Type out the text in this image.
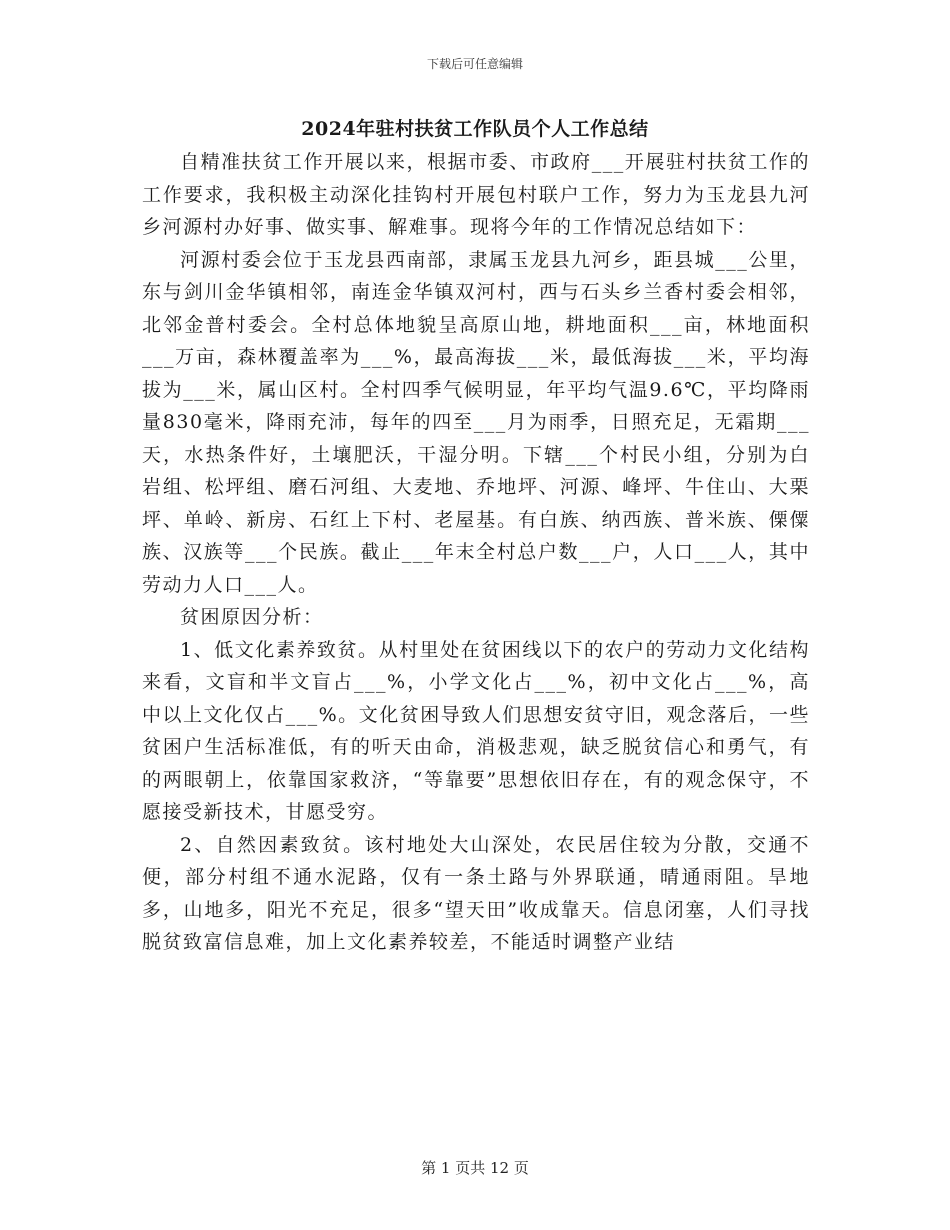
下载后可任意编辑
2024年驻村扶贫工作队员个人工作总结

自精准扶贫工作开展以来，根据市委、市政府___开展驻村扶贫工作的工作要求，我积极主动深化挂钩村开展包村联户工作，努力为玉龙县九河乡河源村办好事、做实事、解难事。现将今年的工作情况总结如下：

河源村委会位于玉龙县西南部，隶属玉龙县九河乡，距县城___公里，东与剑川金华镇相邻，南连金华镇双河村，西与石头乡兰香村委会相邻，北邻金普村委会。全村总体地貌呈高原山地，耕地面积___亩，林地面积___万亩，森林覆盖率为___%，最高海拔___米，最低海拔___米，平均海拔为___米，属山区村。全村四季气候明显，年平均气温9.6℃，平均降雨量830毫米，降雨充沛，每年的四至___月为雨季，日照充足，无霜期___天，水热条件好，土壤肥沃，干湿分明。下辖___个村民小组，分别为白岩组、松坪组、磨石河组、大麦地、乔地坪、河源、峰坪、牛住山、大栗坪、单岭、新房、石红上下村、老屋基。有白族、纳西族、普米族、傈僳族、汉族等___个民族。截止___年末全村总户数___户，人口___人，其中劳动力人口___人。

贫困原因分析：

1、低文化素养致贫。从村里处在贫困线以下的农户的劳动力文化结构来看，文盲和半文盲占___%，小学文化占___%，初中文化占___%，高中以上文化仅占___%。文化贫困导致人们思想安贫守旧，观念落后，一些贫困户生活标准低，有的听天由命，消极悲观，缺乏脱贫信心和勇气，有的两眼朝上，依靠国家救济，“等靠要”思想依旧存在，有的观念保守，不愿接受新技术，甘愿受穷。

2、自然因素致贫。该村地处大山深处，农民居住较为分散，交通不便，部分村组不通水泥路，仅有一条土路与外界联通，晴通雨阻。旱地多，山地多，阳光不充足，很多“望天田”收成靠天。信息闭塞，人们寻找脱贫致富信息难，加上文化素养较差，不能适时调整产业结

第 1 页共 12 页
